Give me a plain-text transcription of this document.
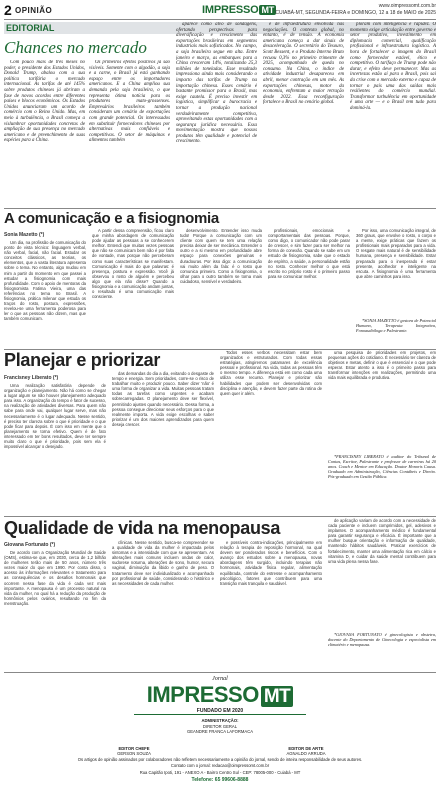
2 OPINIÃO	IMPRESSO MT	www.oimpressomt.com.br
CUIABÁ-MT, SEGUNDA-FEIRA e DOMINGO, 12 a 18 de MAIO de 2025
EDITORIAL
Chances no mercado

Com pouco mais de três meses no poder, o presidente dos Estados Unidos, Donald Trump, abalou com a sua política tarifária o mercado internacional. As tarifas de até 145% sobre produtos chineses já abriram a fase de novos acordos entre diferentes países e blocos econômicos. Os Estados Unidos anunciaram um acordo de comércio com o Reino Unido. Mas, em meio à turbulência, o Brasil começa a vislumbrar oportunidades concretas de ampliação de sua presença no mercado americano e de preenchimento de suas espécies para a China.

Os primeiros efeitos positivos já são visíveis. Somente com o algodão, a soja e a carne, o Brasil já está ganhando espaço entre os importadores americanos. E a China ampliou sua demanda pela soja brasileira, o que representa ótima notícia para os produtores mato-grossenses. Empresários brasileiros também consideram um cenário de exportações com grande potencial. Os interessados em substituir fornecedores chineses por alternativas mais confiáveis e competitivas. O setor de máquinas e alimentos também

aparece como alvo de sondagens, ofertando perspectivas para diversificação e crescimento das exportações brasileiras em segmentos industriais mais sofisticados. No campo, a soja brasileira segue em alta. Entre janeiro e março, as embarques para a China cresceram 14%, totalizando 25,3 milhões de toneladas. Esse resultado impressiona ainda mais considerando o impacto das tarifas de Trump na importação chinesa. Esses cenário é bastante promissor para o Brasil, mas exige cautela. É preciso investir em logística, simplificar a burocracia e tornar a produção nacional verdadeiramente competitiva, aproveitando estas oportunidades com a segurança jurídica necessária. Essa movimentação mostra que nossos produtos têm qualidade e potencial de crescimento.

e de infraestrutura envolvida nas negociações. O contexto global, no entanto, é de tensão. A economia americana começa a dar sinais de desaceleração. O secretário do Tesouro, Scott Bessent, e o Produto Interno Bruto recuou 0,3% no primeiro trimestre de 2025, acompanhado de queda no consumo. Na China, o índice de atividade industrial desapareceu em abril, menor contração em um mês. As exportações chinesas, motor da economia, enfrentam a maior retração desde 2022. Essa reconfiguração fortalece o Brasil no cenário global.

ploram com inteligência e rapidez. O momento exige articulação entre governo e setor produtivo, investimento em diplomacia comercial, qualificação profissional e infraestrutura logística. A hora de fortalecer a imagem do Brasil como fornecedor estável, ético e competitivo. O tarifaço de Trump pode não durar, e efeito deve permanecer. Mas as incertezas estão aí para o Brasil, pois sai da crise com o mercado externo e capaz de tornar o país uma das saídas mais resilientes do comércio mundial. Transformar turbulência em oportunidade é uma arte — e o Brasil tem tudo para dominá-la.

A comunicação e a fisiognomia
Sonia Mazetto (*)

Um dia, na profissão de comunicação do ponto de vista técnico: linguagem verbal, não verbal, facial, não facial. Estudar os conceitos clássicos, as teorias, os elementos, que a vasta literatura apresenta sobre o tema. No entanto, algo mudou em mim a partir do momento em que passei a estudar a fisiognomia com mais profundidade. Com o apoio de mentoras da fisiognomista Fatima Vieira, uma das referências no tema no Brasil. A fisiognomia, prática milenar que estuda os traços do rosto, postura, expressões, revelou-se uma ferramenta poderosa para ler o que as pessoas não dizem, mas que também comunicam.

A partir dessa compreensão, ficou claro que minha abordagem de comunicação pode ajudar as pessoas a se conhecerem melhor. Entendi que muitas vezes pessoas que não se comunicam bem não é por falta de vontade, mas porque não perceberam como suas características se manifestam. Comunicação é mais do que palavras: é presença, postura e expressão. Você já observou o rosto de alguém e percebeu algo que ela não disse? Quando a fisiognomia e a comunicação andam juntas, o resultado é uma comunicação mais consciente.

desenvolvimento. Entender isso muda tudo! Porque a comunicação com um cliente com quem se tem uma relação precisa deixar de ser mecânica. Entender o outro e a si mesmo em profundidade abre espaço para conexões genuínas e duradouras. Por isso digo: a comunicação vai muito além da fala: é o rosto que comunica primeiro. Como a fisiognomia, o olhar para o outro também se torna mais cuidadoso, sensível e verdadeiro.

profissionais, emocionais e comportamentais das pessoas. Porque, como digo, o comunicador não pode parar de crescer, e sim fazer para ser melhor na forma de conexão. Quando se sabe em um estudo de fisiognomia, sabe que o estado de espírito, a saúde, a personalidade estão no rosto. Conhecer melhor o que está escrito no próprio rosto é o primeiro passo para se comunicar melhor.

Por isso, uma comunicação integral, de 360 graus, que envolve o rosto, o corpo e a mente, exige práticas que fazem os profissionais mais preparados para a vida. O resgate mais natural é de sensibilidade humana, presença e sensibilidade. Estar preparado para o inesperado é estar presente, acolhedor e inteligente na escuta. A fisiognomia é uma ferramenta que abre caminhos para isso.

*SONIA MAZETTO é gestora de Potencial Humano, Terapeuta Integrativa, Fonoaudióloga e Palestrante.

Planejar e priorizar
Francisney Liberato (*)

Uma realização satisfatória depende de organização e planejamento. Não há como se chegar a lugar algum se não houver planejamento adequado para isso. A organização do tempo é fator de sucesso, na realização de atividades diversas. Para quem não sabe para onde vai, qualquer lugar serve, mas não necessariamente é o lugar adequado. Nesse sentido, é preciso ter clareza sobre o que é prioridade e o que pode ficar para depois. É com isso em mente que o planejamento se torna efetivo. Quem é de fato interessado em ter bons resultados, deve ter sempre muito claro o que é prioridade, pois sem ela é impossível alcançar o desejado.

das demandas do dia a dia, evitando o desgaste de tempo e energia. Sem prioridades, corre-se o risco de trabalhar muito e produzir pouco. Saber dizer 'não' é uma forma de organizar a vida. Muitas pessoas tratam todas as tarefas como urgentes e acabam sobrecarregadas. O planejamento deve ser flexível, permitindo ajustes quando necessário. Dessa forma, a pessoa consegue direcionar seus esforços para o que realmente importa. A vida exige escolhas e saber priorizar é um dos maiores aprendizados para quem deseja crescer.

Todos esses verbos necessitam estar bem organizados e estruturados. Com todas essas estratégias, atingiremos patamares de excelência pessoal e profissional. Na vida, todas as pessoas têm o mesmo tempo. A diferença está em como cada uma utiliza esse recurso. Planejar e priorizar são habilidades que podem ser desenvolvidas com disciplina e atenção, e devem fazer parte da rotina de quem quer ir além.

uma pesquisa de prioridades em projetos, em pequenas ações do cotidiano. É necessário ter clareza de objetivos e metas, definir o que é essencial e o que pode esperar. Estar atento a isso é o primeiro passo para transformar intenções em realizações, permitindo uma vida mais equilibrada e produtiva.

*FRANCISNEY LIBERATO é auditor do Tribunal de Contas, Escritor, Palestrante e professor de carreiras há 20 anos. Coach e Mentor em Educação. Doutor Honoris Causa. Graduado em Administração, Ciências Contábeis e Direito. Pós-graduado em Gestão Pública.

Qualidade de vida na menopausa
Giovana Fortunato (*)

De acordo com a Organização Mundial de Saúde (OMS), estima-se que, em 2030, cerca de 1,2 bilhão de mulheres terão mais de 50 anos, número três vezes maior do que em 1990. Por conta disso, o acesso às informações relevantes e tratamento para as consequências e os desafios hormonais que ocorrem nessa fase da vida é cada vez mais importante. A menopausa é um processo natural na vida da mulher, no qual há a redução da produção de hormônios pelos ovários, resultando no fim da menstruação.

clínicas. Nesse sentido, busca-se compreender se a qualidade de vida da mulher é impactada pelos sintomas e a intensidade com que se apresentam. As alterações mais comuns incluem ondas de calor, sudorese noturna, alterações de sono, humor, secura vaginal, diminuição da libido e ganho de peso. O tratamento deve ser individualizado e acompanhado por profissional de saúde, considerando o histórico e as necessidades de cada mulher.

e possíveis contra-indicações, principalmente em relação à terapia de reposição hormonal, na qual devem ser ponderados riscos e benefícios. Com o avanço dos estudos sobre a menopausa, novas abordagens têm surgido, incluindo terapias não hormonais, atividade física regular, alimentação equilibrada, controle do estresse e acompanhamento psicológico, fatores que contribuem para uma transição mais tranquila e saudável.

de aplicação variam de acordo com a necessidade de cada paciente e incluem comprimidos, gel, adesivos e implantes. O acompanhamento médico é fundamental para garantir segurança e eficácia. É importante que a mulher busque orientação e informação de qualidade, mantendo hábitos saudáveis. Praticar exercícios de fortalecimento, manter uma alimentação rica em cálcio e vitamina D, e cuidar da saúde mental contribuem para uma vida plena nessa fase.

*GIOVANA FORTUNATO é ginecologista e obstetra, docente do Departamento de Ginecologia e especialista em climatério e menopausa.

Jornal
IMPRESSO MT
FUNDADO EM 2020
ADMINISTRAÇÃO:
DIRETOR GERAL
GEANDRE FRANCA LAFORMACA
EDITOR CHEFE
GERSON SOUZA
EDITOR DE ARTE
AGNALDO ARRUDA
Os artigos de opinião assinados por colaboradores não refletem necessariamente a opinião do jornal, sendo de inteira responsabilidade de seus autores.
Contato com o jornal: redacao@oimpressomt.com.br
Rua Capitão Ipoti, 191 - ANEXO A - Bairro Centro Sul - CEP: 78005-000 - Cuiabá - MT
Telefone: 65 99606-8888
